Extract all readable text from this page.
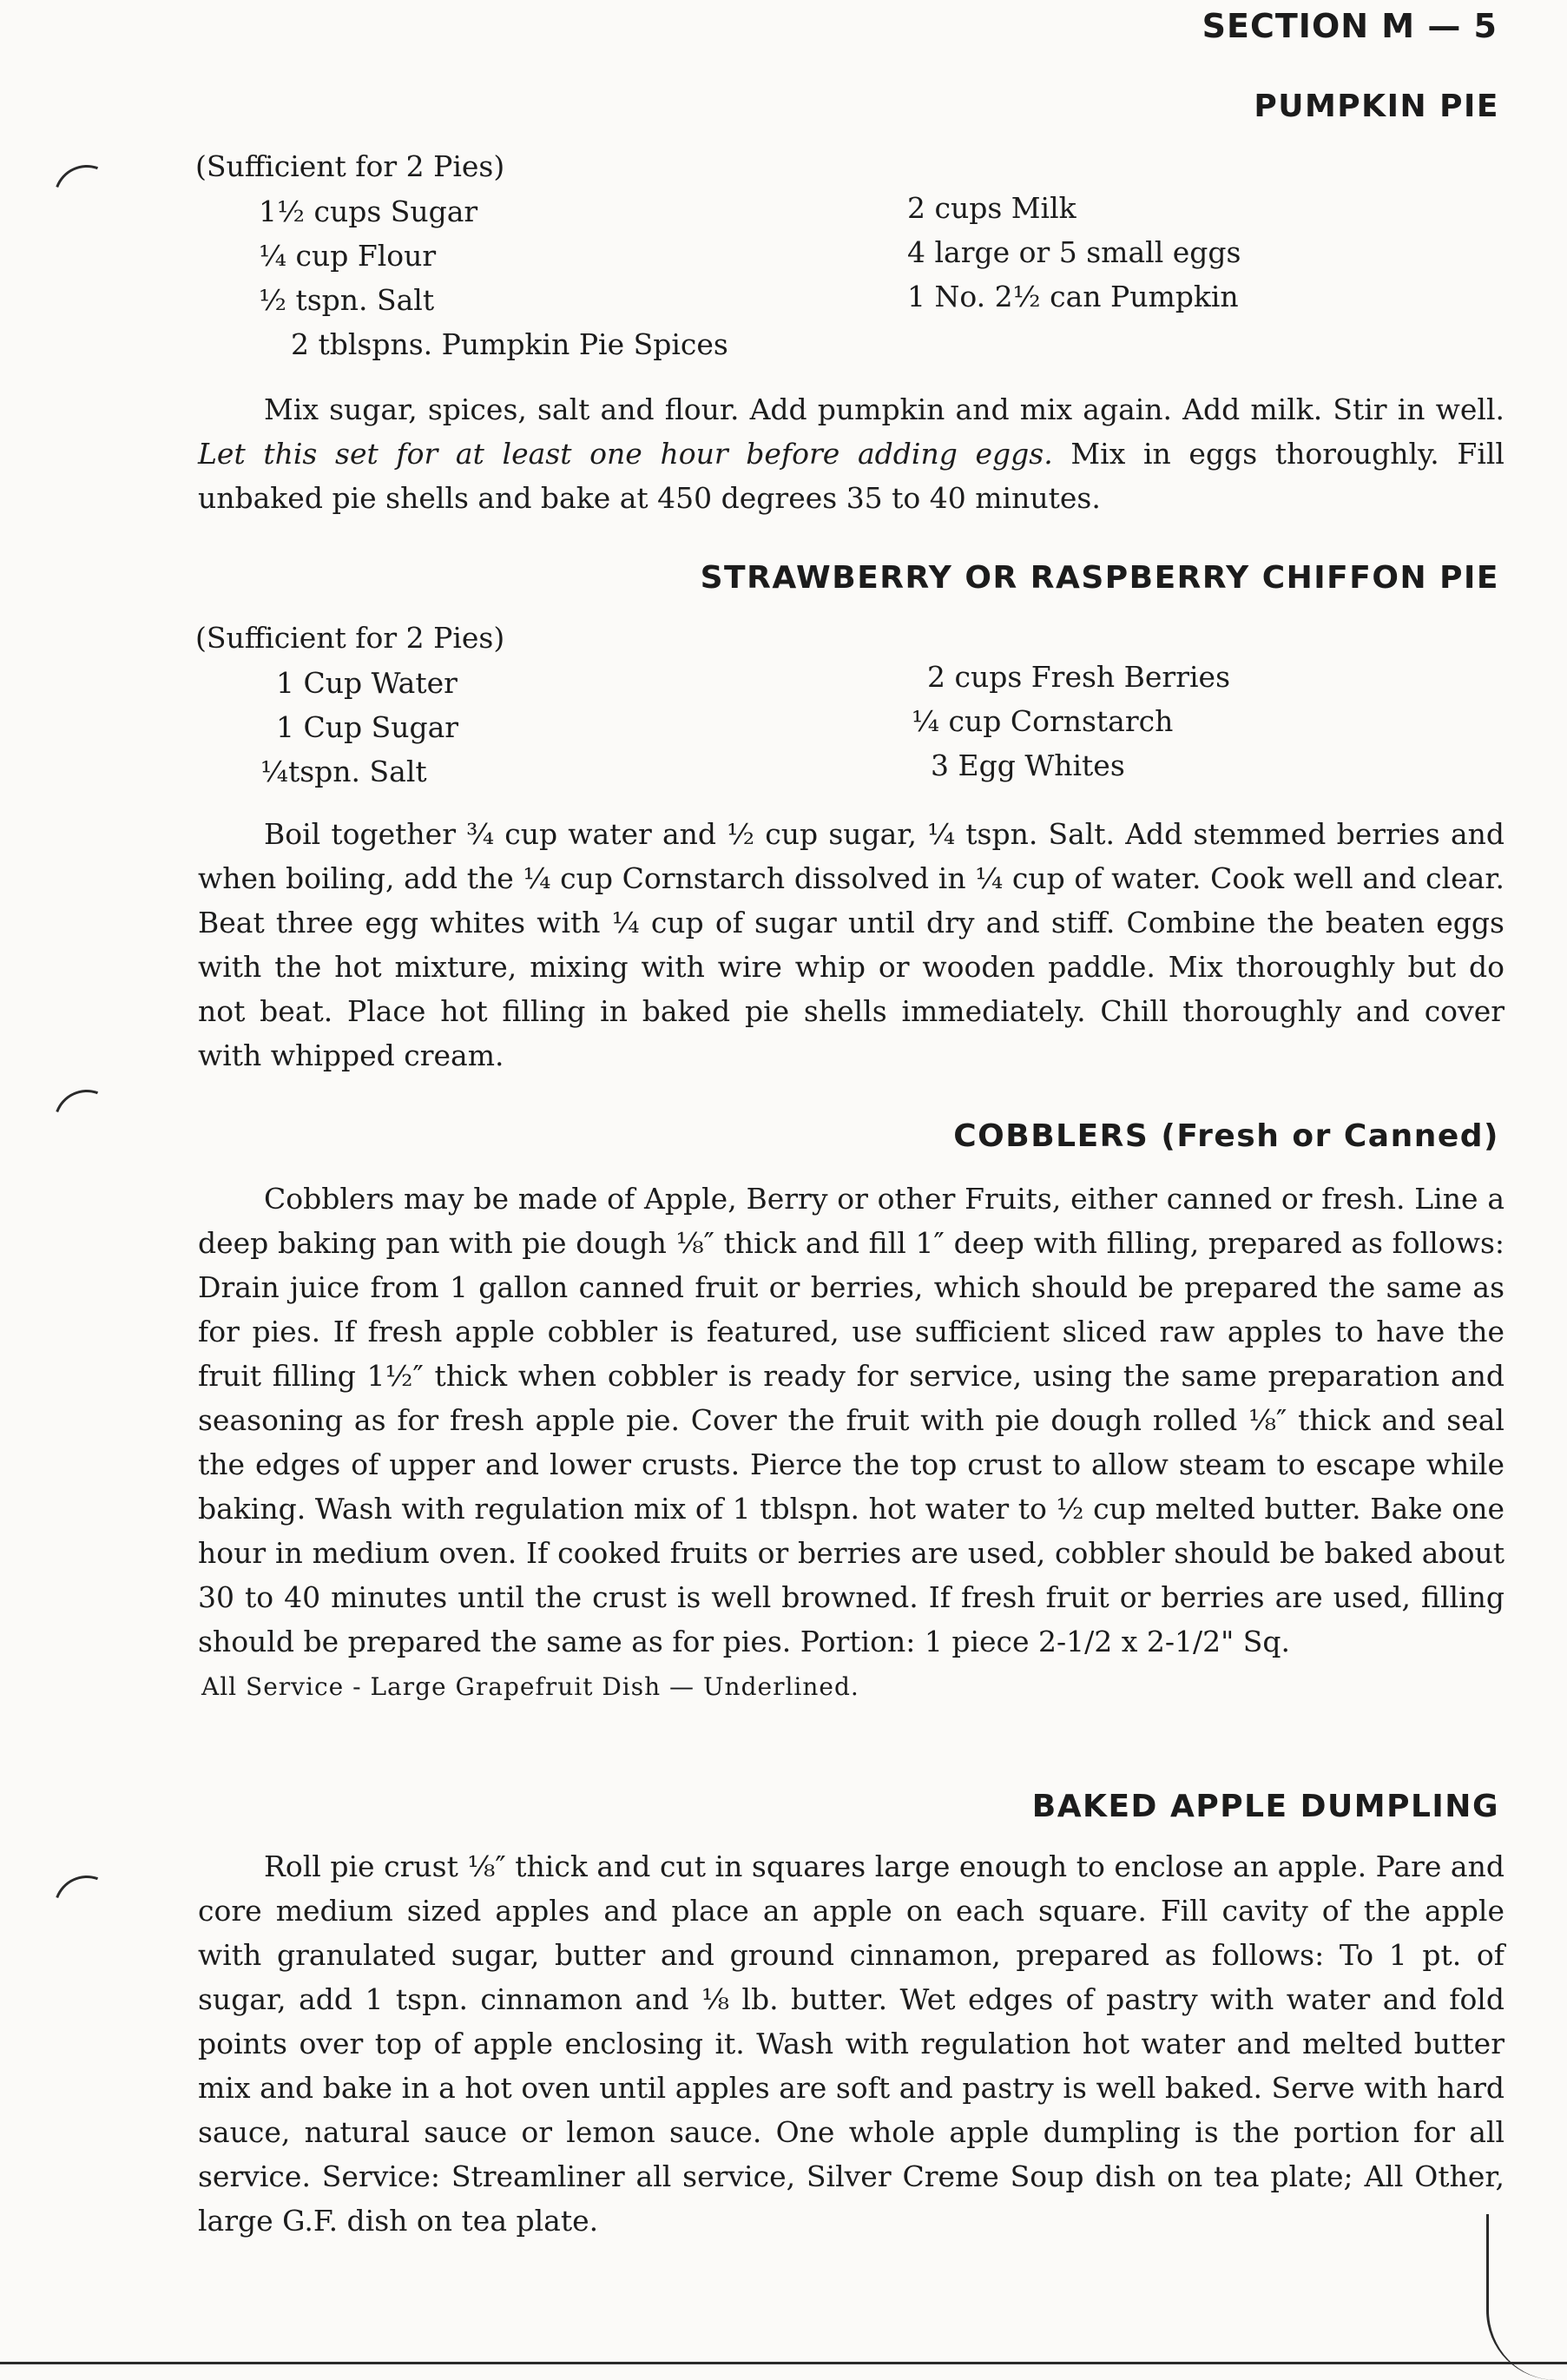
SECTION M — 5
PUMPKIN PIE
(Sufficient for 2 Pies)
1½ cups Sugar
¼ cup Flour
½ tspn. Salt
2 tblspns. Pumpkin Pie Spices
2 cups Milk
4 large or 5 small eggs
1 No. 2½ can Pumpkin
Mix sugar, spices, salt and flour. Add pumpkin and mix again. Add milk. Stir in well. Let this set for at least one hour before adding eggs. Mix in eggs thoroughly. Fill unbaked pie shells and bake at 450 degrees 35 to 40 minutes.
STRAWBERRY OR RASPBERRY CHIFFON PIE
(Sufficient for 2 Pies)
1 Cup Water
1 Cup Sugar
¼tspn. Salt
2 cups Fresh Berries
¼ cup Cornstarch
3 Egg Whites
Boil together ¾ cup water and ½ cup sugar, ¼ tspn. Salt. Add stemmed berries and when boiling, add the ¼ cup Cornstarch dissolved in ¼ cup of water. Cook well and clear. Beat three egg whites with ¼ cup of sugar until dry and stiff. Combine the beaten eggs with the hot mixture, mixing with wire whip or wooden paddle. Mix thoroughly but do not beat. Place hot filling in baked pie shells immediately. Chill thoroughly and cover with whipped cream.
COBBLERS (Fresh or Canned)
Cobblers may be made of Apple, Berry or other Fruits, either canned or fresh. Line a deep baking pan with pie dough ⅛″ thick and fill 1″ deep with filling, prepared as follows: Drain juice from 1 gallon canned fruit or berries, which should be prepared the same as for pies. If fresh apple cobbler is featured, use sufficient sliced raw apples to have the fruit filling 1½″ thick when cobbler is ready for service, using the same preparation and seasoning as for fresh apple pie. Cover the fruit with pie dough rolled ⅛″ thick and seal the edges of upper and lower crusts. Pierce the top crust to allow steam to escape while baking. Wash with regulation mix of 1 tblspn. hot water to ½ cup melted butter. Bake one hour in medium oven. If cooked fruits or berries are used, cobbler should be baked about 30 to 40 minutes until the crust is well browned. If fresh fruit or berries are used, filling should be prepared the same as for pies. Portion: 1 piece 2-1/2 x 2-1/2" Sq.
All Service - Large Grapefruit Dish — Underlined.
BAKED APPLE DUMPLING
Roll pie crust ⅛″ thick and cut in squares large enough to enclose an apple. Pare and core medium sized apples and place an apple on each square. Fill cavity of the apple with granulated sugar, butter and ground cinnamon, prepared as follows: To 1 pt. of sugar, add 1 tspn. cinnamon and ⅛ lb. butter. Wet edges of pastry with water and fold points over top of apple enclosing it. Wash with regulation hot water and melted butter mix and bake in a hot oven until apples are soft and pastry is well baked. Serve with hard sauce, natural sauce or lemon sauce. One whole apple dumpling is the portion for all service. Service: Streamliner all service, Silver Creme Soup dish on tea plate; All Other, large G.F. dish on tea plate.
